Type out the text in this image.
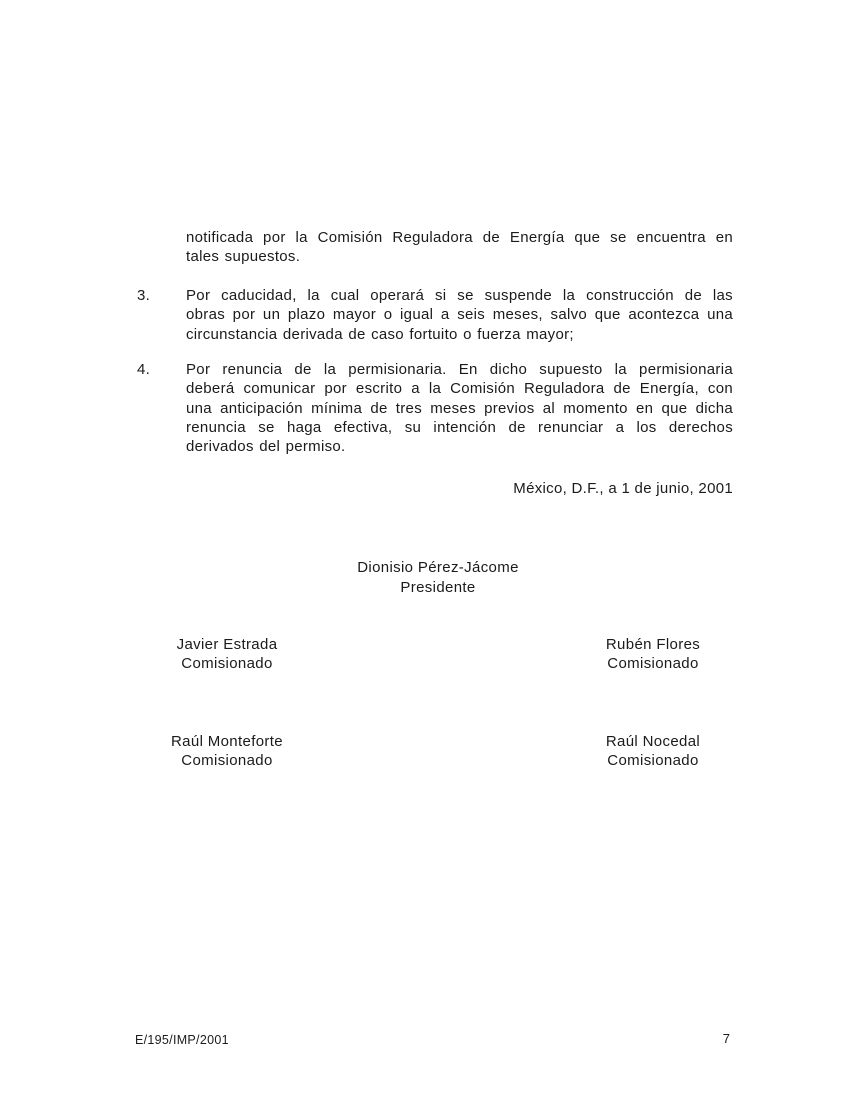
notificada por la Comisión Reguladora de Energía que se encuentra en
tales supuestos.
3. Por caducidad, la cual operará si se suspende la construcción de las
obras por un plazo mayor o igual a seis meses, salvo que acontezca una
circunstancia derivada de caso fortuito o fuerza mayor;
4. Por renuncia de la permisionaria. En dicho supuesto la permisionaria
deberá comunicar por escrito a la Comisión Reguladora de Energía, con
una anticipación mínima de tres meses previos al momento en que dicha
renuncia se haga efectiva, su intención de renunciar a los derechos
derivados del permiso.
México, D.F., a 1 de junio, 2001
Dionisio Pérez-Jácome
Presidente
Javier Estrada
Comisionado
Rubén Flores
Comisionado
Raúl Monteforte
Comisionado
Raúl Nocedal
Comisionado
E/195/IMP/2001	7
